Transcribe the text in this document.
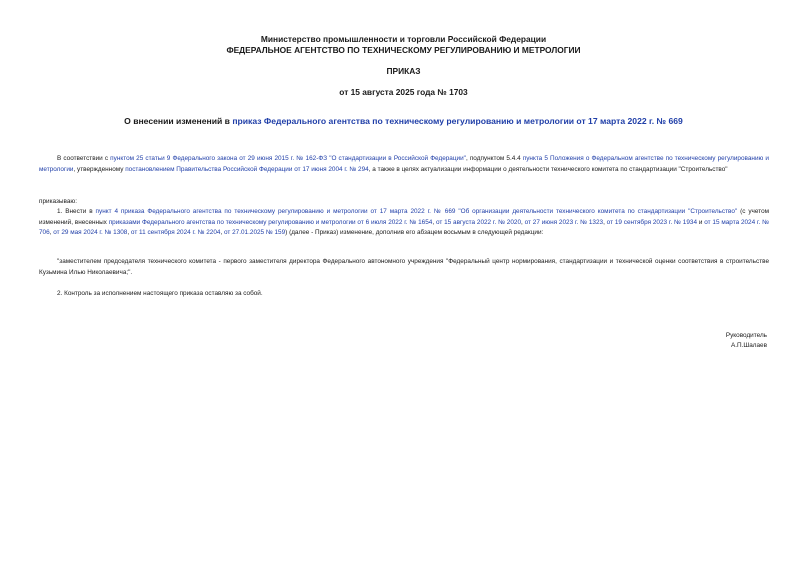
Министерство промышленности и торговли Российской Федерации
ФЕДЕРАЛЬНОЕ АГЕНТСТВО ПО ТЕХНИЧЕСКОМУ РЕГУЛИРОВАНИЮ И МЕТРОЛОГИИ
ПРИКАЗ
от 15 августа 2025 года № 1703
О внесении изменений в приказ Федерального агентства по техническому регулированию и метрологии от 17 марта 2022 г. № 669
В соответствии с пунктом 25 статьи 9 Федерального закона от 29 июня 2015 г. № 162-ФЗ "О стандартизации в Российской Федерации", подпунктом 5.4.4 пункта 5 Положения о Федеральном агентстве по техническому регулированию и метрологии, утвержденному постановлением Правительства Российской Федерации от 17 июня 2004 г. № 294, а также в целях актуализации информации о деятельности технического комитета по стандартизации "Строительство"
приказываю:
1. Внести в пункт 4 приказа Федерального агентства по техническому регулированию и метрологии от 17 марта 2022 г. № 669 "Об организации деятельности технического комитета по стандартизации "Строительство" (с учетом изменений, внесенных приказами Федерального агентства по техническому регулированию и метрологии от 6 июля 2022 г. № 1654, от 15 августа 2022 г. № 2020, от 27 июня 2023 г. № 1323, от 19 сентября 2023 г. № 1934 и от 15 марта 2024 г. № 706, от 29 мая 2024 г. № 1308, от 11 сентября 2024 г. № 2204, от 27.01.2025 № 159) (далее - Приказ) изменение, дополнив его абзацем восьмым в следующей редакции:
"заместителем председателя технического комитета - первого заместителя директора Федерального автономного учреждения "Федеральный центр нормирования, стандартизации и технической оценки соответствия в строительстве Кузьмина Илью Николаевича;".
2. Контроль за исполнением настоящего приказа оставляю за собой.
Руководитель
А.П.Шалаев
